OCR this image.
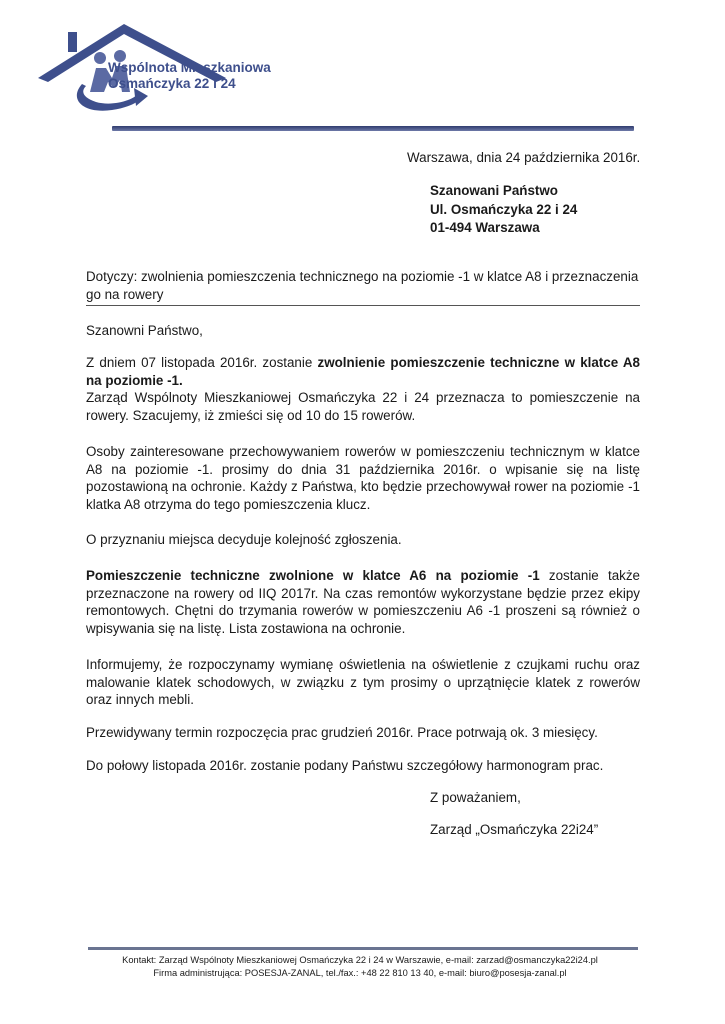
Wspólnota Mieszkaniowa
Osmańczyka 22 i 24
Warszawa, dnia 24 października 2016r.
Szanowani Państwo
Ul. Osmańczyka 22 i 24
01-494 Warszawa
Dotyczy: zwolnienia pomieszczenia technicznego na poziomie -1 w klatce A8 i przeznaczenia go na rowery
Szanowni Państwo,

Z dniem 07 listopada 2016r. zostanie zwolnienie pomieszczenie techniczne w klatce A8 na poziomie -1.

Zarząd Wspólnoty Mieszkaniowej Osmańczyka 22 i 24 przeznacza to pomieszczenie na rowery. Szacujemy, iż zmieści się od 10 do 15 rowerów.

Osoby zainteresowane przechowywaniem rowerów w pomieszczeniu technicznym w klatce A8 na poziomie -1. prosimy do dnia 31 października 2016r. o wpisanie się na listę pozostawioną na ochronie. Każdy z Państwa, kto będzie przechowywał rower na poziomie -1 klatka A8 otrzyma do tego pomieszczenia klucz.

O przyznaniu miejsca decyduje kolejność zgłoszenia.

Pomieszczenie techniczne zwolnione w klatce A6 na poziomie -1 zostanie także przeznaczone na rowery od IIQ 2017r. Na czas remontów wykorzystane będzie przez ekipy remontowych. Chętni do trzymania rowerów w pomieszczeniu A6 -1 proszeni są również o wpisywania się na listę. Lista zostawiona na ochronie.

Informujemy, że rozpoczynamy wymianę oświetlenia na oświetlenie z czujkami ruchu oraz malowanie klatek schodowych, w związku z tym prosimy o uprzątnięcie klatek z rowerów oraz innych mebli.

Przewidywany termin rozpoczęcia prac grudzień 2016r. Prace potrwają ok. 3 miesięcy.
Do połowy listopada 2016r. zostanie podany Państwu szczegółowy harmonogram prac.
Z poważaniem,
Zarząd „Osmańczyka 22i24”
Kontakt: Zarząd Wspólnoty Mieszkaniowej Osmańczyka 22 i 24 w Warszawie, e-mail: zarzad@osmanczyka22i24.pl
Firma administrująca: POSESJA-ZANAL, tel./fax.: +48 22 810 13 40, e-mail: biuro@posesja-zanal.pl
